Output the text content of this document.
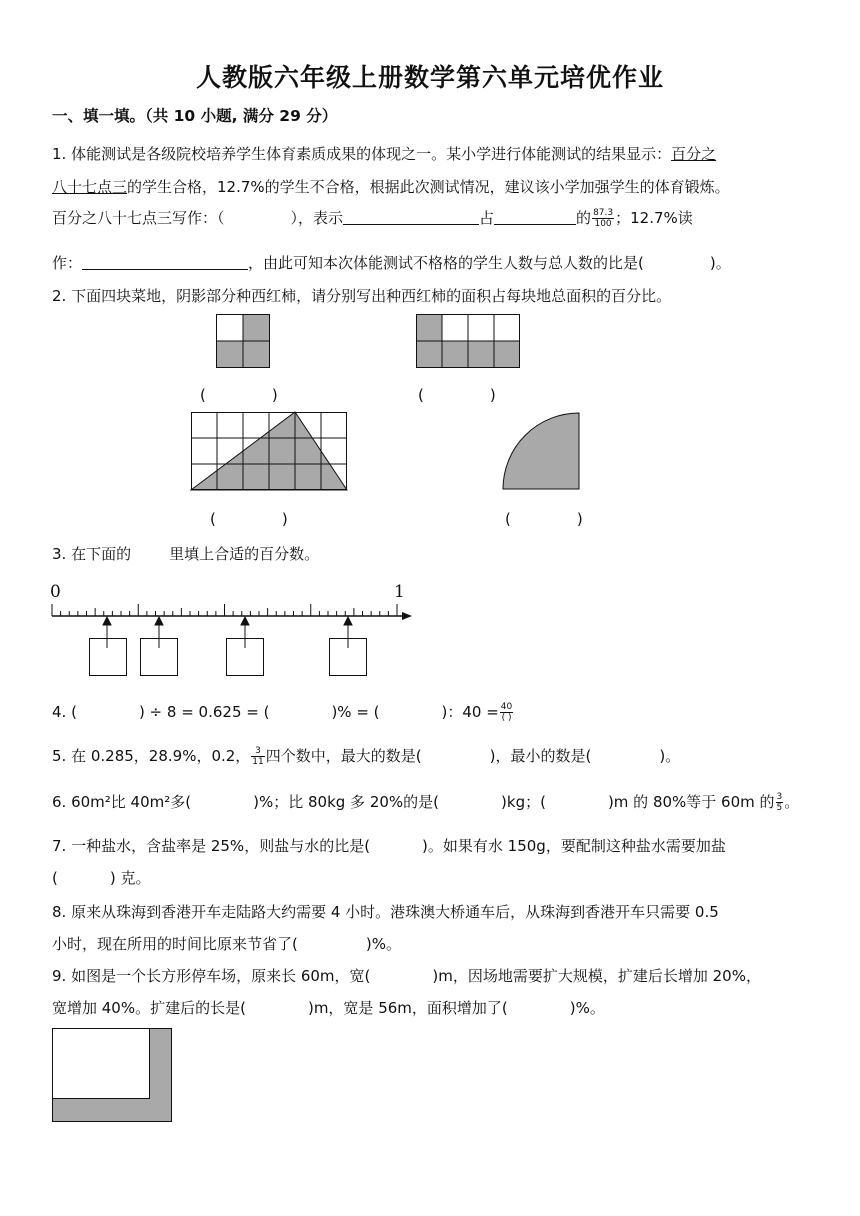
人教版六年级上册数学第六单元培优作业
一、填一填。（共 10 小题, 满分 29 分）
1. 体能测试是各级院校培养学生体育素质成果的体现之一。某小学进行体能测试的结果显示：百分之
八十七点三的学生合格，12.7%的学生不合格，根据此次测试情况，建议该小学加强学生的体育锻炼。
百分之八十七点三写作：（	），表示	占	的 $\frac{87.3}{100}$ ；12.7%读
作：	，由此可知本次体能测试不格格的学生人数与总人数的比是(	)。
2. 下面四块菜地，阴影部分种西红柿，请分别写出种西红柿的面积占每块地总面积的百分比。
(	)	(	)
(	)	(	)
3. 在下面的	里填上合适的百分数。
0	1
4. (	) ÷ 8 = 0.625 = (	)% = (	)：$40 = \frac{40}{( )}$
5. 在 0.285，28.9%，0.2， $\frac{3}{11}$ 四个数中，最大的数是(	)，最小的数是(	)。
6. 60m²比 40m²多(	)%；比 80kg 多 20%的是(	)kg；(	)m 的 80%等于 60m 的 $\frac{3}{5}$ 。
7. 一种盐水，含盐率是 25%，则盐与水的比是(	)。如果有水 150g，要配制这种盐水需要加盐
(	) 克。
8. 原来从珠海到香港开车走陆路大约需要 4 小时。港珠澳大桥通车后，从珠海到香港开车只需要 0.5
小时，现在所用的时间比原来节省了(	)%。
9. 如图是一个长方形停车场，原来长 60m，宽(	)m，因场地需要扩大规模，扩建后长增加 20%，
宽增加 40%。扩建后的长是(	)m，宽是 56m，面积增加了(	)%。
